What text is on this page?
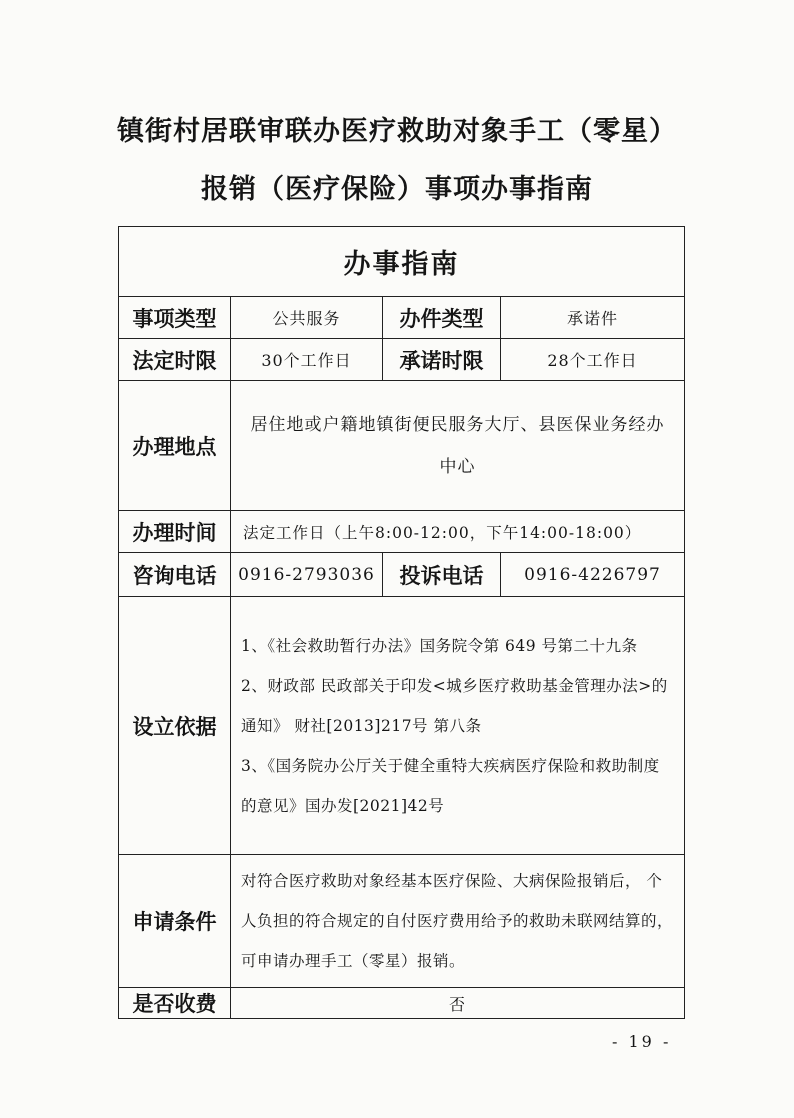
镇街村居联审联办医疗救助对象手工（零星）
报销（医疗保险）事项办事指南
办事指南			
事项类型	公共服务	办件类型	承诺件
法定时限	30个工作日	承诺时限	28个工作日
办理地点	居住地或户籍地镇街便民服务大厅、县医保业务经办中心		

办理时间	法定工作日（上午8:00-12:00，下午14:00-18:00）		
咨询电话	0916-2793036	投诉电话	0916-4226797
设立依据	1、《社会救助暂行办法》国务院令第 649 号第二十九条

2、财政部 民政部关于印发<城乡医疗救助基金管理办法>的通知》 财社[2013]217号 第八条

3、《国务院办公厅关于健全重特大疾病医疗保险和救助制度的意见》国办发[2021]42号		

申请条件	对符合医疗救助对象经基本医疗保险、大病保险报销后， 个人负担的符合规定的自付医疗费用给予的救助未联网结算的，可申请办理手工（零星）报销。		
是否收费	否		
- 19 -
